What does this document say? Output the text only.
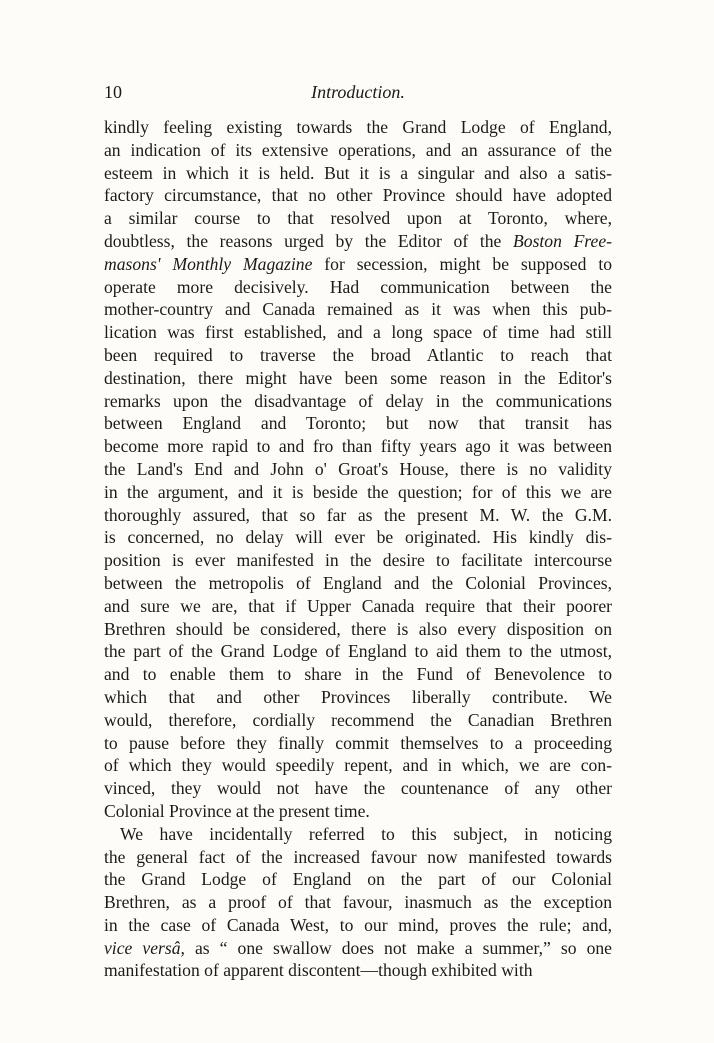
10	Introduction.
kindly feeling existing towards the Grand Lodge of England,
an indication of its extensive operations, and an assurance of the
esteem in which it is held. But it is a singular and also a satis-
factory circumstance, that no other Province should have adopted
a similar course to that resolved upon at Toronto, where,
doubtless, the reasons urged by the Editor of the Boston Free-
masons' Monthly Magazine for secession, might be supposed to
operate more decisively. Had communication between the
mother-country and Canada remained as it was when this pub-
lication was first established, and a long space of time had still
been required to traverse the broad Atlantic to reach that
destination, there might have been some reason in the Editor's
remarks upon the disadvantage of delay in the communications
between England and Toronto; but now that transit has
become more rapid to and fro than fifty years ago it was between
the Land's End and John o' Groat's House, there is no validity
in the argument, and it is beside the question; for of this we are
thoroughly assured, that so far as the present M. W. the G.M.
is concerned, no delay will ever be originated. His kindly dis-
position is ever manifested in the desire to facilitate intercourse
between the metropolis of England and the Colonial Provinces,
and sure we are, that if Upper Canada require that their poorer
Brethren should be considered, there is also every disposition on
the part of the Grand Lodge of England to aid them to the utmost,
and to enable them to share in the Fund of Benevolence to
which that and other Provinces liberally contribute. We
would, therefore, cordially recommend the Canadian Brethren
to pause before they finally commit themselves to a proceeding
of which they would speedily repent, and in which, we are con-
vinced, they would not have the countenance of any other
Colonial Province at the present time.
We have incidentally referred to this subject, in noticing
the general fact of the increased favour now manifested towards
the Grand Lodge of England on the part of our Colonial
Brethren, as a proof of that favour, inasmuch as the exception
in the case of Canada West, to our mind, proves the rule; and,
vice versâ, as “ one swallow does not make a summer,” so one
manifestation of apparent discontent—though exhibited with
